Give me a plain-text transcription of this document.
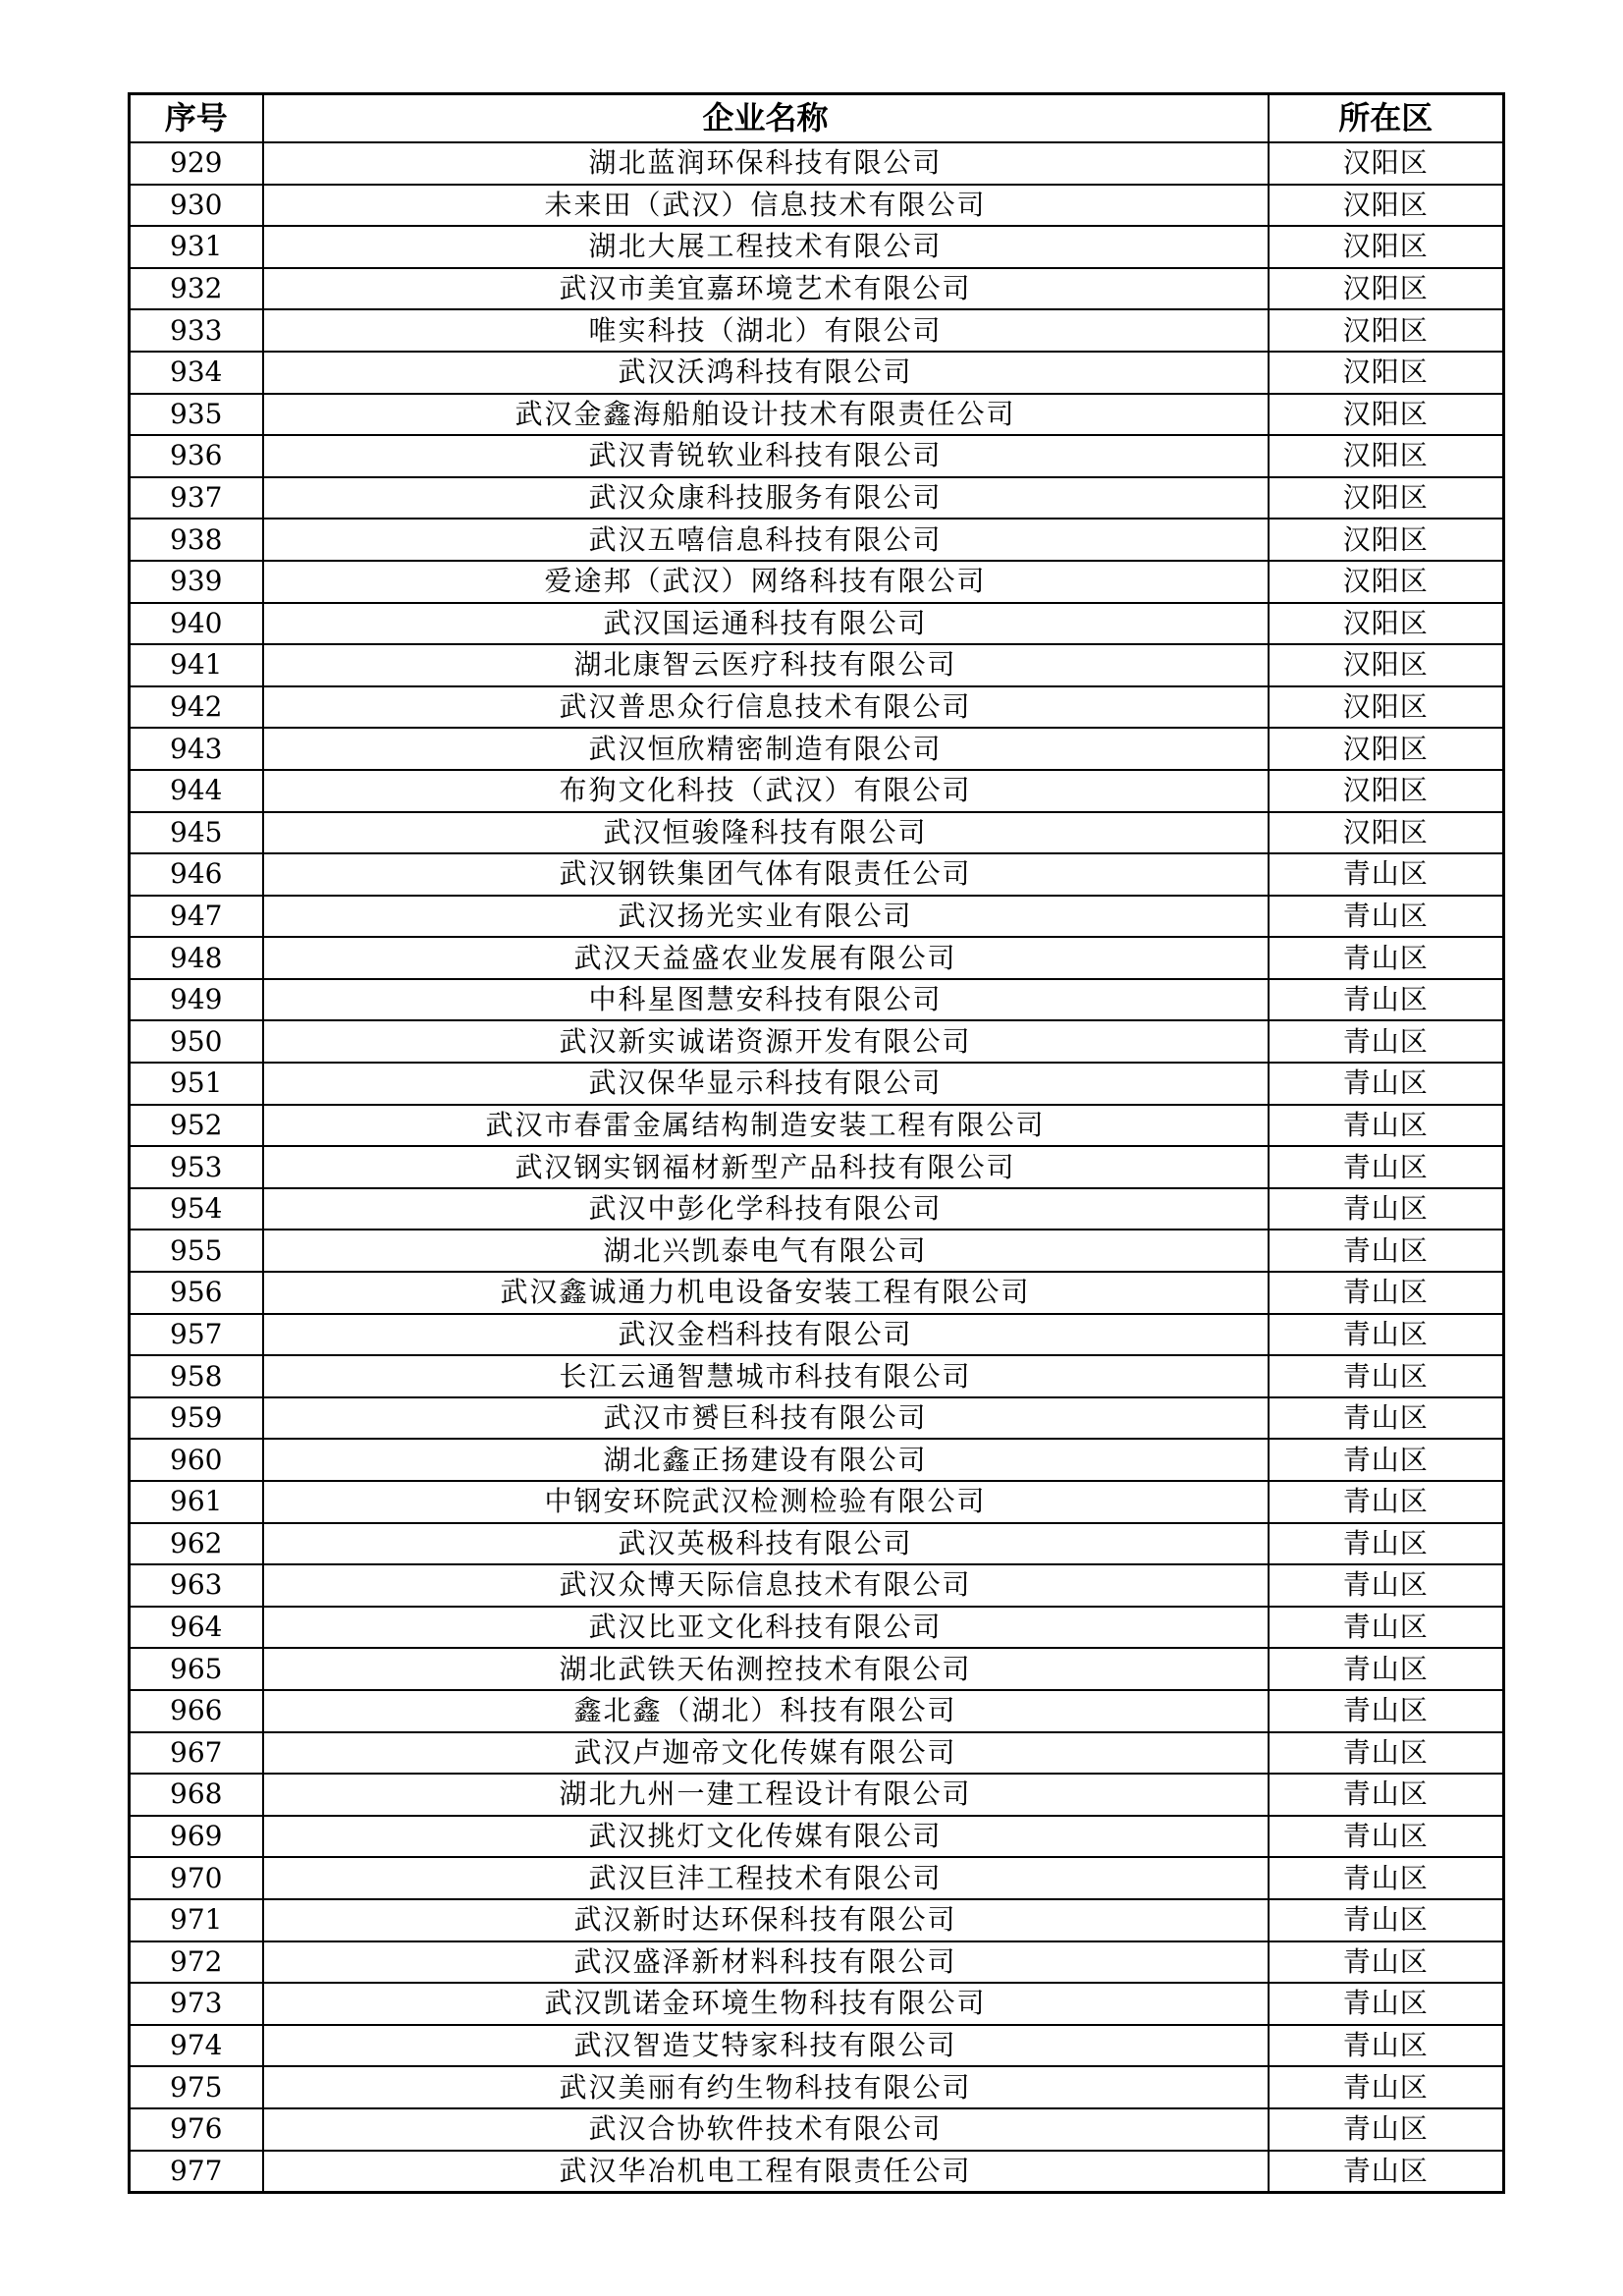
序号	企业名称	所在区
929	湖北蓝润环保科技有限公司	汉阳区
930	未来田（武汉）信息技术有限公司	汉阳区
931	湖北大展工程技术有限公司	汉阳区
932	武汉市美宜嘉环境艺术有限公司	汉阳区
933	唯实科技（湖北）有限公司	汉阳区
934	武汉沃鸿科技有限公司	汉阳区
935	武汉金鑫海船舶设计技术有限责任公司	汉阳区
936	武汉青锐软业科技有限公司	汉阳区
937	武汉众康科技服务有限公司	汉阳区
938	武汉五嘻信息科技有限公司	汉阳区
939	爱途邦（武汉）网络科技有限公司	汉阳区
940	武汉国运通科技有限公司	汉阳区
941	湖北康智云医疗科技有限公司	汉阳区
942	武汉普思众行信息技术有限公司	汉阳区
943	武汉恒欣精密制造有限公司	汉阳区
944	布狗文化科技（武汉）有限公司	汉阳区
945	武汉恒骏隆科技有限公司	汉阳区
946	武汉钢铁集团气体有限责任公司	青山区
947	武汉扬光实业有限公司	青山区
948	武汉天益盛农业发展有限公司	青山区
949	中科星图慧安科技有限公司	青山区
950	武汉新实诚诺资源开发有限公司	青山区
951	武汉保华显示科技有限公司	青山区
952	武汉市春雷金属结构制造安装工程有限公司	青山区
953	武汉钢实钢福材新型产品科技有限公司	青山区
954	武汉中彭化学科技有限公司	青山区
955	湖北兴凯泰电气有限公司	青山区
956	武汉鑫诚通力机电设备安装工程有限公司	青山区
957	武汉金档科技有限公司	青山区
958	长江云通智慧城市科技有限公司	青山区
959	武汉市赟巨科技有限公司	青山区
960	湖北鑫正扬建设有限公司	青山区
961	中钢安环院武汉检测检验有限公司	青山区
962	武汉英极科技有限公司	青山区
963	武汉众博天际信息技术有限公司	青山区
964	武汉比亚文化科技有限公司	青山区
965	湖北武铁天佑测控技术有限公司	青山区
966	鑫北鑫（湖北）科技有限公司	青山区
967	武汉卢迦帝文化传媒有限公司	青山区
968	湖北九州一建工程设计有限公司	青山区
969	武汉挑灯文化传媒有限公司	青山区
970	武汉巨沣工程技术有限公司	青山区
971	武汉新时达环保科技有限公司	青山区
972	武汉盛泽新材料科技有限公司	青山区
973	武汉凯诺金环境生物科技有限公司	青山区
974	武汉智造艾特家科技有限公司	青山区
975	武汉美丽有约生物科技有限公司	青山区
976	武汉合协软件技术有限公司	青山区
977	武汉华冶机电工程有限责任公司	青山区
